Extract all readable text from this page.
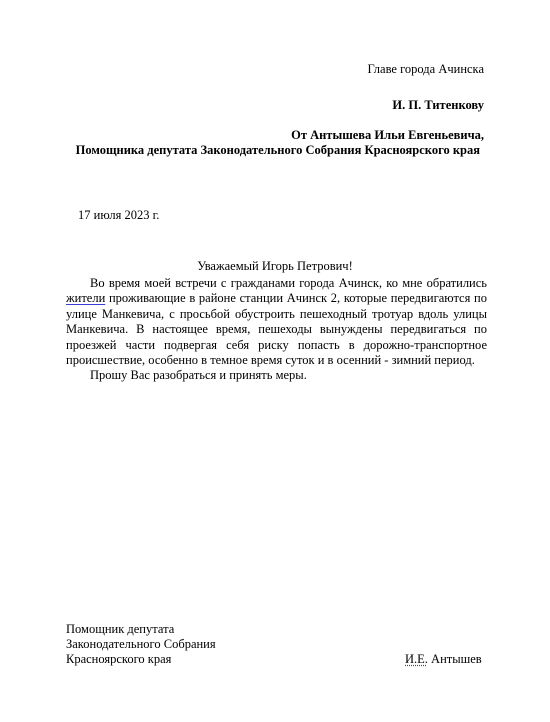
Главе города Ачинска
И. П. Титенкову
От Антышева Ильи Евгеньевича,
Помощника депутата Законодательного Собрания Красноярского края
17 июля 2023 г.
Уважаемый Игорь Петрович!

Во время моей встречи с гражданами города Ачинск, ко мне обратились жители проживающие в районе станции Ачинск 2, которые передвигаются по улице Манкевича, с просьбой обустроить пешеходный тротуар вдоль улицы Манкевича. В настоящее время, пешеходы вынуждены передвигаться по проезжей части подвергая себя риску попасть в дорожно-транспортное происшествие, особенно в темное время суток и в осенний - зимний период.

Прошу Вас разобраться и принять меры.

Помощник депутата
Законодательного Собрания
Красноярского края	И.Е. Антышев
